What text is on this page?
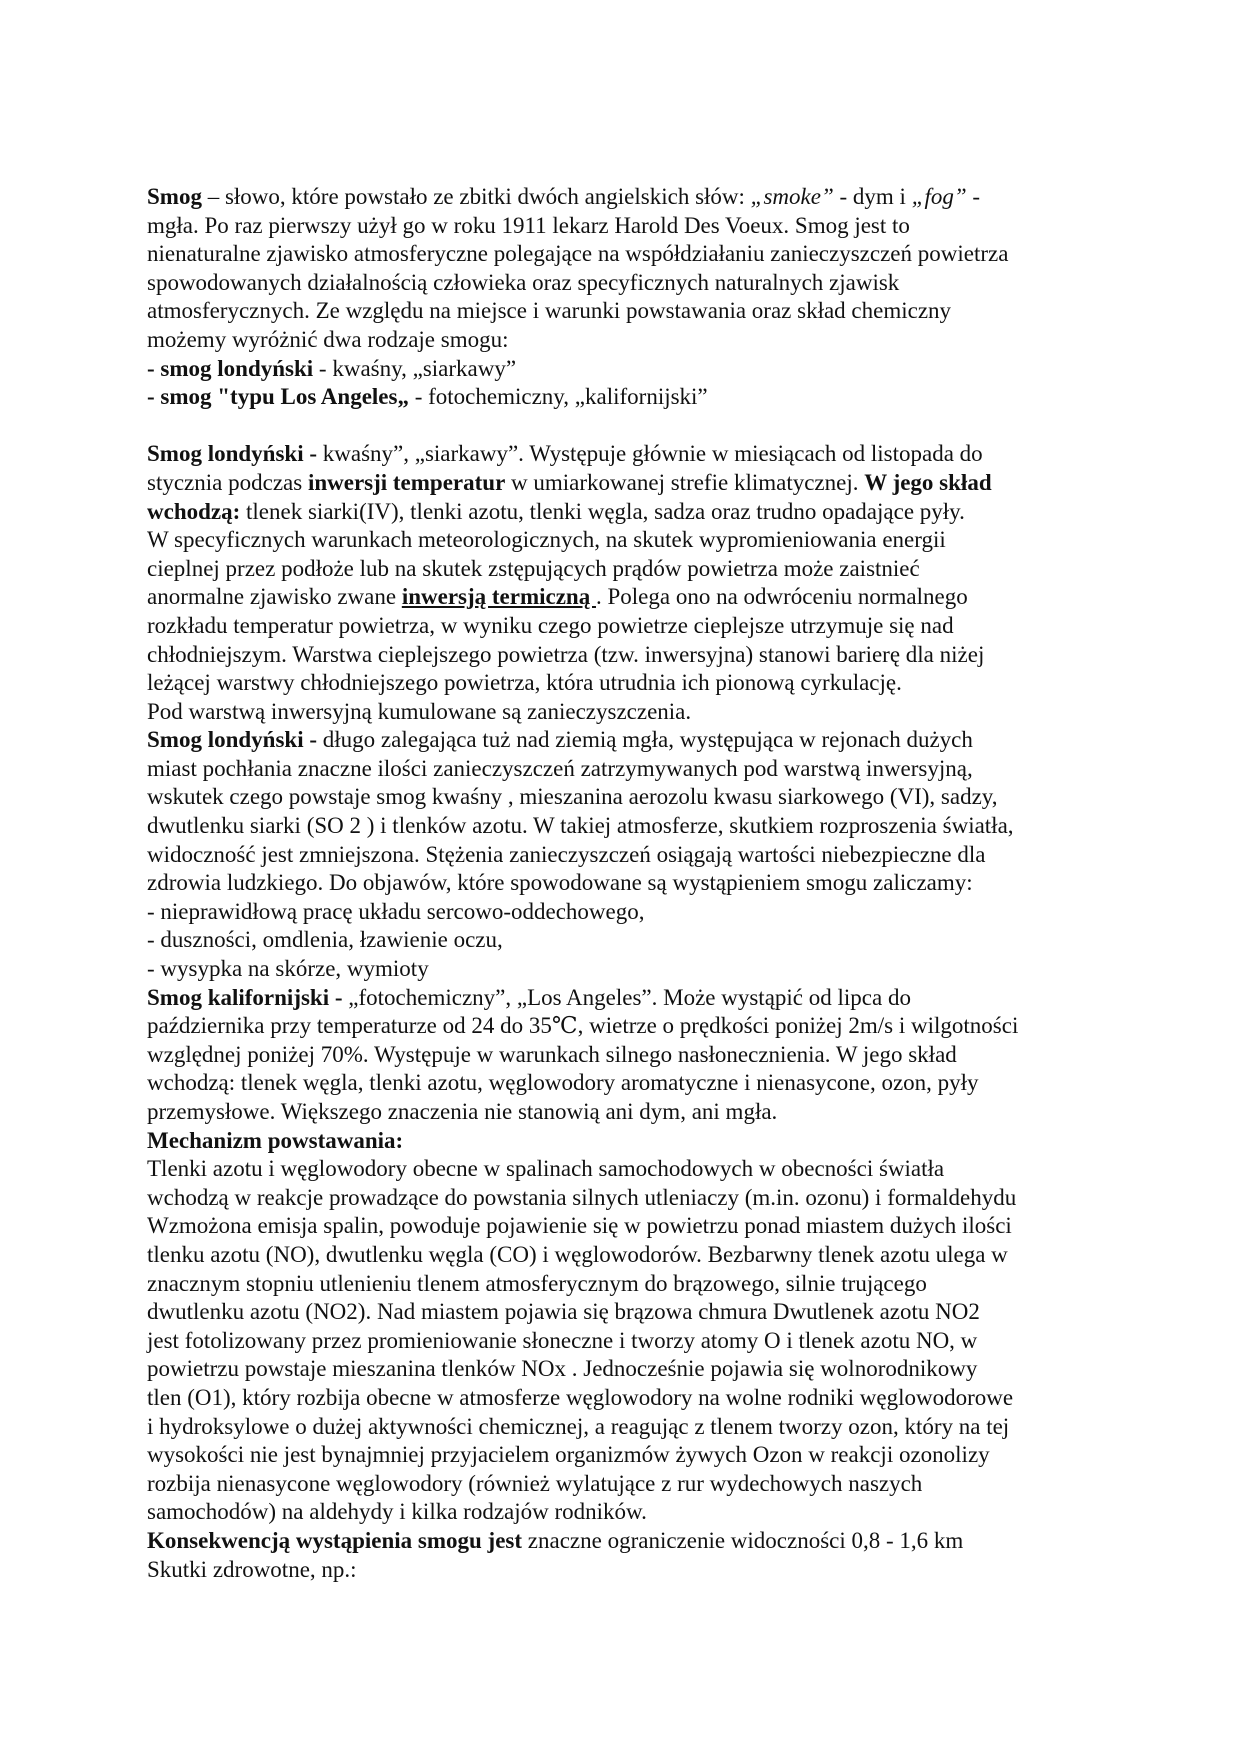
Smog – słowo, które powstało ze zbitki dwóch angielskich słów: „smoke” - dym i „fog” -
mgła. Po raz pierwszy użył go w roku 1911 lekarz Harold Des Voeux. Smog jest to
nienaturalne zjawisko atmosferyczne polegające na współdziałaniu zanieczyszczeń powietrza
spowodowanych działalnością człowieka oraz specyficznych naturalnych zjawisk
atmosferycznych. Ze względu na miejsce i warunki powstawania oraz skład chemiczny
możemy wyróżnić dwa rodzaje smogu:
- smog londyński - kwaśny, „siarkawy”
- smog "typu Los Angeles„ - fotochemiczny, „kalifornijski”
Smog londyński - kwaśny”, „siarkawy”. Występuje głównie w miesiącach od listopada do
stycznia podczas inwersji temperatur w umiarkowanej strefie klimatycznej. W jego skład
wchodzą: tlenek siarki(IV), tlenki azotu, tlenki węgla, sadza oraz trudno opadające pyły.
W specyficznych warunkach meteorologicznych, na skutek wypromieniowania energii
cieplnej przez podłoże lub na skutek zstępujących prądów powietrza może zaistnieć
anormalne zjawisko zwane inwersją termiczną . Polega ono na odwróceniu normalnego
rozkładu temperatur powietrza, w wyniku czego powietrze cieplejsze utrzymuje się nad
chłodniejszym. Warstwa cieplejszego powietrza (tzw. inwersyjna) stanowi barierę dla niżej
leżącej warstwy chłodniejszego powietrza, która utrudnia ich pionową cyrkulację.
Pod warstwą inwersyjną kumulowane są zanieczyszczenia.
Smog londyński - długo zalegająca tuż nad ziemią mgła, występująca w rejonach dużych
miast pochłania znaczne ilości zanieczyszczeń zatrzymywanych pod warstwą inwersyjną,
wskutek czego powstaje smog kwaśny , mieszanina aerozolu kwasu siarkowego (VI), sadzy,
dwutlenku siarki (SO 2 ) i tlenków azotu. W takiej atmosferze, skutkiem rozproszenia światła,
widoczność jest zmniejszona. Stężenia zanieczyszczeń osiągają wartości niebezpieczne dla
zdrowia ludzkiego. Do objawów, które spowodowane są wystąpieniem smogu zaliczamy:
- nieprawidłową pracę układu sercowo-oddechowego,
- duszności, omdlenia, łzawienie oczu,
- wysypka na skórze, wymioty
Smog kalifornijski - „fotochemiczny”, „Los Angeles”. Może wystąpić od lipca do
października przy temperaturze od 24 do 35℃, wietrze o prędkości poniżej 2m/s i wilgotności
względnej poniżej 70%. Występuje w warunkach silnego nasłonecznienia. W jego skład
wchodzą: tlenek węgla, tlenki azotu, węglowodory aromatyczne i nienasycone, ozon, pyły
przemysłowe. Większego znaczenia nie stanowią ani dym, ani mgła.
Mechanizm powstawania:
Tlenki azotu i węglowodory obecne w spalinach samochodowych w obecności światła
wchodzą w reakcje prowadzące do powstania silnych utleniaczy (m.in. ozonu) i formaldehydu
Wzmożona emisja spalin, powoduje pojawienie się w powietrzu ponad miastem dużych ilości
tlenku azotu (NO), dwutlenku węgla (CO) i węglowodorów. Bezbarwny tlenek azotu ulega w
znacznym stopniu utlenieniu tlenem atmosferycznym do brązowego, silnie trującego
dwutlenku azotu (NO2). Nad miastem pojawia się brązowa chmura Dwutlenek azotu NO2
jest fotolizowany przez promieniowanie słoneczne i tworzy atomy O i tlenek azotu NO, w
powietrzu powstaje mieszanina tlenków NOx . Jednocześnie pojawia się wolnorodnikowy
tlen (O1), który rozbija obecne w atmosferze węglowodory na wolne rodniki węglowodorowe
i hydroksylowe o dużej aktywności chemicznej, a reagując z tlenem tworzy ozon, który na tej
wysokości nie jest bynajmniej przyjacielem organizmów żywych Ozon w reakcji ozonolizy
rozbija nienasycone węglowodory (również wylatujące z rur wydechowych naszych
samochodów) na aldehydy i kilka rodzajów rodników.
Konsekwencją wystąpienia smogu jest znaczne ograniczenie widoczności 0,8 - 1,6 km
Skutki zdrowotne, np.:
